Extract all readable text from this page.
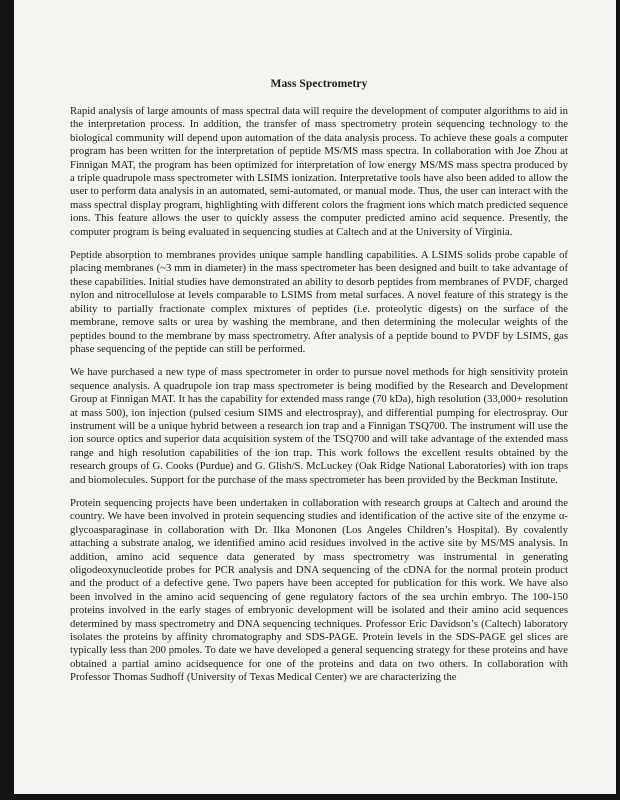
Mass Spectrometry

Rapid analysis of large amounts of mass spectral data will require the development of computer algorithms to aid in the interpretation process. In addition, the transfer of mass spectrometry protein sequencing technology to the biological community will depend upon automation of the data analysis process. To achieve these goals a computer program has been written for the interpretation of peptide MS/MS mass spectra. In collaboration with Joe Zhou at Finnigan MAT, the program has been optimized for interpretation of low energy MS/MS mass spectra produced by a triple quadrupole mass spectrometer with LSIMS ionization. Interpretative tools have also been added to allow the user to perform data analysis in an automated, semi-automated, or manual mode. Thus, the user can interact with the mass spectral display program, highlighting with different colors the fragment ions which match predicted sequence ions. This feature allows the user to quickly assess the computer predicted amino acid sequence. Presently, the computer program is being evaluated in sequencing studies at Caltech and at the University of Virginia.

Peptide absorption to membranes provides unique sample handling capabilities. A LSIMS solids probe capable of placing membranes (~3 mm in diameter) in the mass spectrometer has been designed and built to take advantage of these capabilities. Initial studies have demonstrated an ability to desorb peptides from membranes of PVDF, charged nylon and nitrocellulose at levels comparable to LSIMS from metal surfaces. A novel feature of this strategy is the ability to partially fractionate complex mixtures of peptides (i.e. proteolytic digests) on the surface of the membrane, remove salts or urea by washing the membrane, and then determining the molecular weights of the peptides bound to the membrane by mass spectrometry. After analysis of a peptide bound to PVDF by LSIMS, gas phase sequencing of the peptide can still be performed.

We have purchased a new type of mass spectrometer in order to pursue novel methods for high sensitivity protein sequence analysis. A quadrupole ion trap mass spectrometer is being modified by the Research and Development Group at Finnigan MAT. It has the capability for extended mass range (70 kDa), high resolution (33,000+ resolution at mass 500), ion injection (pulsed cesium SIMS and electrospray), and differential pumping for electrospray. Our instrument will be a unique hybrid between a research ion trap and a Finnigan TSQ700. The instrument will use the ion source optics and superior data acquisition system of the TSQ700 and will take advantage of the extended mass range and high resolution capabilities of the ion trap. This work follows the excellent results obtained by the research groups of G. Cooks (Purdue) and G. Glish/S. McLuckey (Oak Ridge National Laboratories) with ion traps and biomolecules. Support for the purchase of the mass spectrometer has been provided by the Beckman Institute.

Protein sequencing projects have been undertaken in collaboration with research groups at Caltech and around the country. We have been involved in protein sequencing studies and identification of the active site of the enzyme α-glycoasparaginase in collaboration with Dr. Ilka Mononen (Los Angeles Children’s Hospital). By covalently attaching a substrate analog, we identified amino acid residues involved in the active site by MS/MS analysis. In addition, amino acid sequence data generated by mass spectrometry was instrumental in generating oligodeoxynucleotide probes for PCR analysis and DNA sequencing of the cDNA for the normal protein product and the product of a defective gene. Two papers have been accepted for publication for this work. We have also been involved in the amino acid sequencing of gene regulatory factors of the sea urchin embryo. The 100-150 proteins involved in the early stages of embryonic development will be isolated and their amino acid sequences determined by mass spectrometry and DNA sequencing techniques. Professor Eric Davidson’s (Caltech) laboratory isolates the proteins by affinity chromatography and SDS-PAGE. Protein levels in the SDS-PAGE gel slices are typically less than 200 pmoles. To date we have developed a general sequencing strategy for these proteins and have obtained a partial amino acidsequence for one of the proteins and data on two others. In collaboration with Professor Thomas Sudhoff (University of Texas Medical Center) we are characterizing the
